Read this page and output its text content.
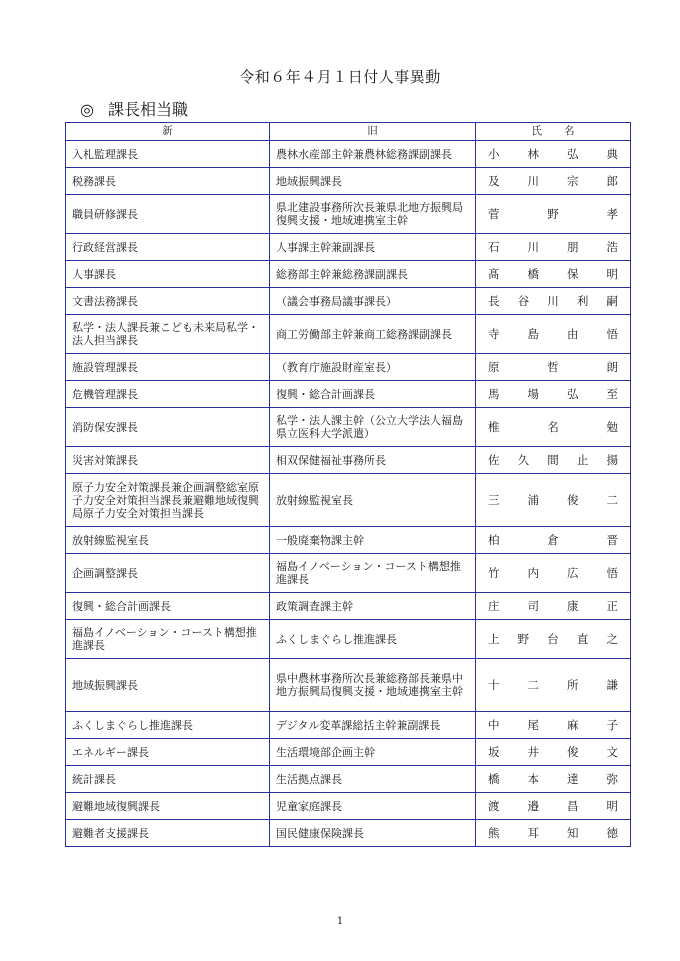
令和６年４月１日付人事異動
◎ 課長相当職
新	旧	氏名
入札監理課長	農林水産部主幹兼農林総務課副課長	小林弘典
税務課長	地域振興課長	及川宗郎
職員研修課長	県北建設事務所次長兼県北地方振興局復興支援・地域連携室主幹	菅野孝
行政経営課長	人事課主幹兼副課長	石川朋浩
人事課長	総務部主幹兼総務課副課長	髙橋保明
文書法務課長	（議会事務局議事課長）	長谷川利嗣
私学・法人課長兼こども未来局私学・法人担当課長	商工労働部主幹兼商工総務課副課長	寺島由悟
施設管理課長	（教育庁施設財産室長）	原哲朗
危機管理課長	復興・総合計画課長	馬場弘至
消防保安課長	私学・法人課主幹（公立大学法人福島県立医科大学派遣）	椎名勉
災害対策課長	相双保健福祉事務所長	佐久間止揚
原子力安全対策課長兼企画調整総室原子力安全対策担当課長兼避難地域復興局原子力安全対策担当課長	放射線監視室長	三浦俊二
放射線監視室長	一般廃棄物課主幹	柏倉晋
企画調整課長	福島イノベーション・コースト構想推進課長	竹内広悟
復興・総合計画課長	政策調査課主幹	庄司康正
福島イノベーション・コースト構想推進課長	ふくしまぐらし推進課長	上野台直之
地域振興課長	県中農林事務所次長兼総務部長兼県中地方振興局復興支援・地域連携室主幹	十二所謙
ふくしまぐらし推進課長	デジタル変革課総括主幹兼副課長	中尾麻子
エネルギー課長	生活環境部企画主幹	坂井俊文
統計課長	生活拠点課長	橋本達弥
避難地域復興課長	児童家庭課長	渡邉昌明
避難者支援課長	国民健康保険課長	熊耳知徳
1
